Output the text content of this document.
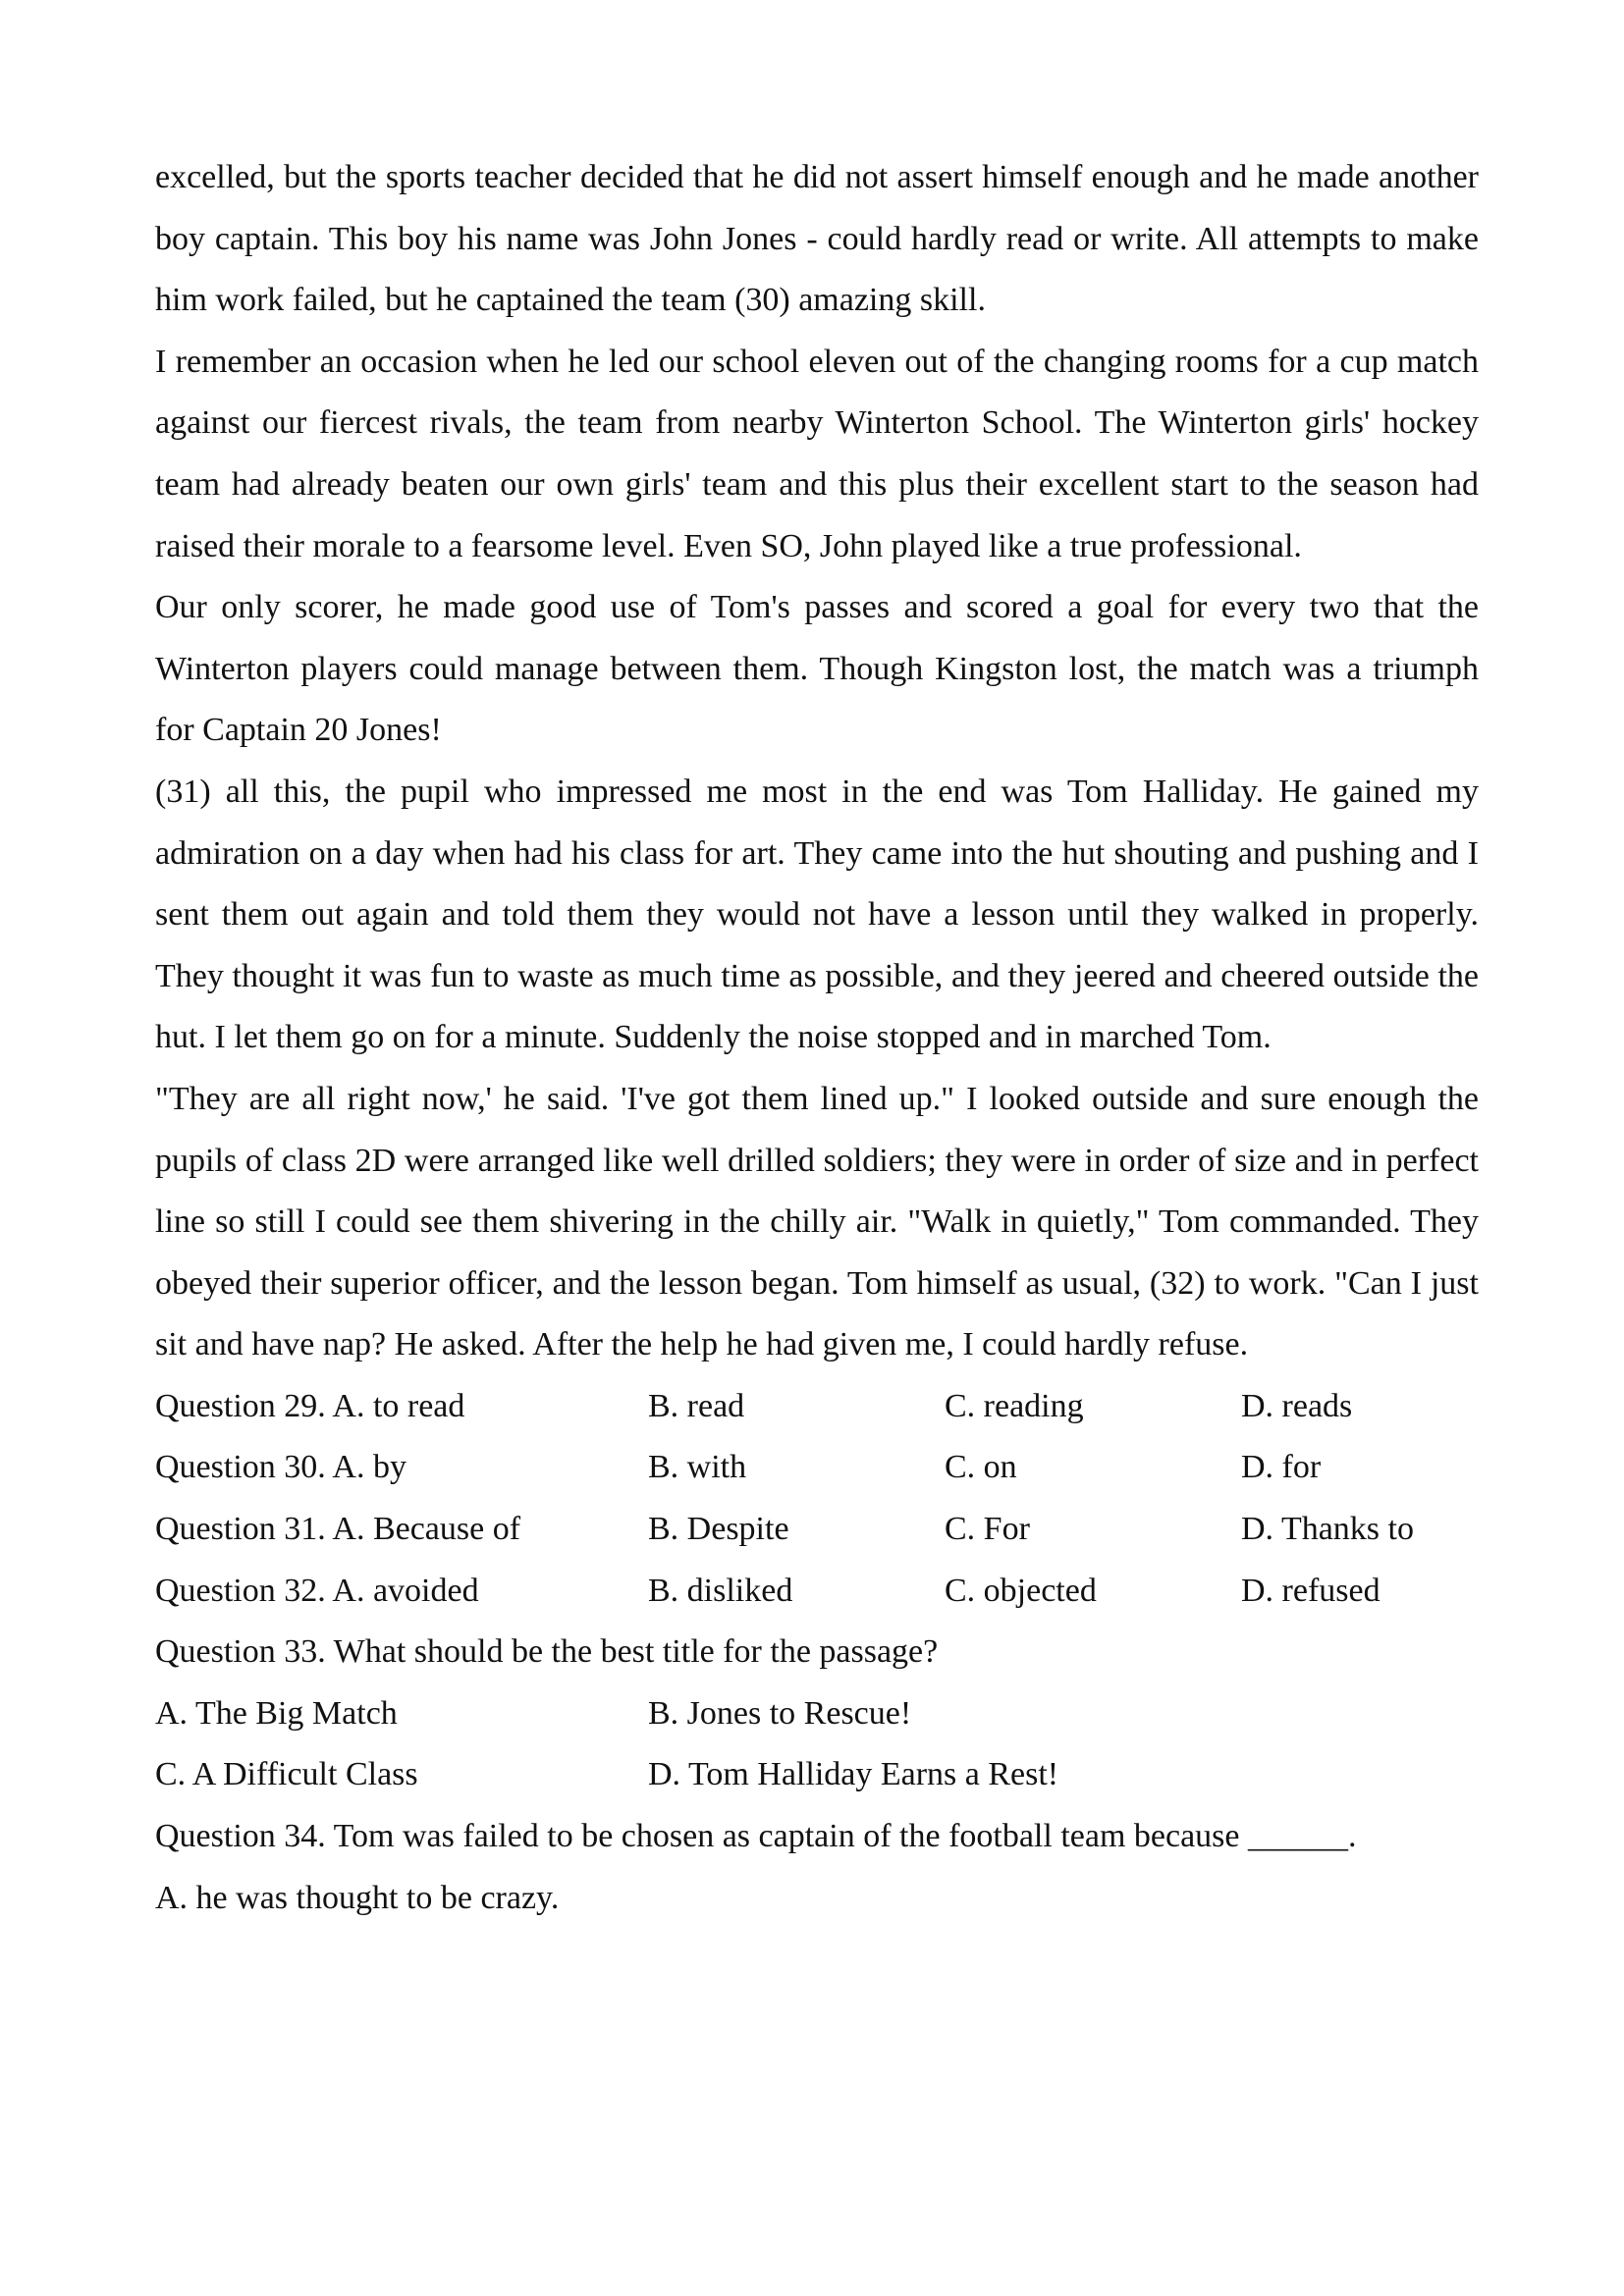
excelled, but the sports teacher decided that he did not assert himself enough and he made another boy captain. This boy his name was John Jones - could hardly read or write. All attempts to make him work failed, but he captained the team (30) amazing skill.

I remember an occasion when he led our school eleven out of the changing rooms for a cup match against our fiercest rivals, the team from nearby Winterton School. The Winterton girls' hockey team had already beaten our own girls' team and this plus their excellent start to the season had raised their morale to a fearsome level. Even SO, John played like a true professional.

Our only scorer, he made good use of Tom's passes and scored a goal for every two that the Winterton players could manage between them. Though Kingston lost, the match was a triumph for Captain 20 Jones!

(31) all this, the pupil who impressed me most in the end was Tom Halliday. He gained my admiration on a day when had his class for art. They came into the hut shouting and pushing and I sent them out again and told them they would not have a lesson until they walked in properly. They thought it was fun to waste as much time as possible, and they jeered and cheered outside the hut. I let them go on for a minute. Suddenly the noise stopped and in marched Tom.

"They are all right now,' he said. 'I've got them lined up." I looked outside and sure enough the pupils of class 2D were arranged like well drilled soldiers; they were in order of size and in perfect line so still I could see them shivering in the chilly air. "Walk in quietly," Tom commanded. They obeyed their superior officer, and the lesson began. Tom himself as usual, (32) to work. "Can I just sit and have nap? He asked. After the help he had given me, I could hardly refuse.

Question 29. A. to read	B. read	C. reading	D. reads
Question 30. A. by	B. with	C. on	D. for
Question 31. A. Because of	B. Despite	C. For	D. Thanks to
Question 32. A. avoided	B. disliked	C. objected	D. refused
Question 33. What should be the best title for the passage?
A. The Big Match	B. Jones to Rescue!
C. A Difficult Class	D. Tom Halliday Earns a Rest!
Question 34. Tom was failed to be chosen as captain of the football team because ______.
A. he was thought to be crazy.
